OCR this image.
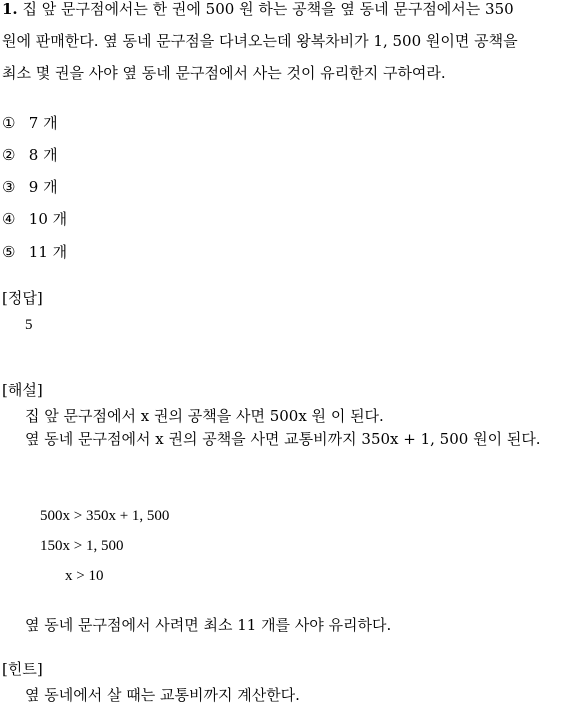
1. 집 앞 문구점에서는 한 권에 500 원 하는 공책을 옆 동네 문구점에서는 350
원에 판매한다. 옆 동네 문구점을 다녀오는데 왕복차비가 1, 500 원이면 공책을
최소 몇 권을 사야 옆 동네 문구점에서 사는 것이 유리한지 구하여라.
① 7 개
② 8 개
③ 9 개
④ 10 개
⑤ 11 개
[정답]
5
[해설]
집 앞 문구점에서 x 권의 공책을 사면 500x 원 이 된다.
옆 동네 문구점에서 x 권의 공책을 사면 교통비까지 350x + 1, 500 원이 된다.
500x > 350x + 1, 500
150x > 1, 500
x > 10
옆 동네 문구점에서 사려면 최소 11 개를 사야 유리하다.
[힌트]
옆 동네에서 살 때는 교통비까지 계산한다.
